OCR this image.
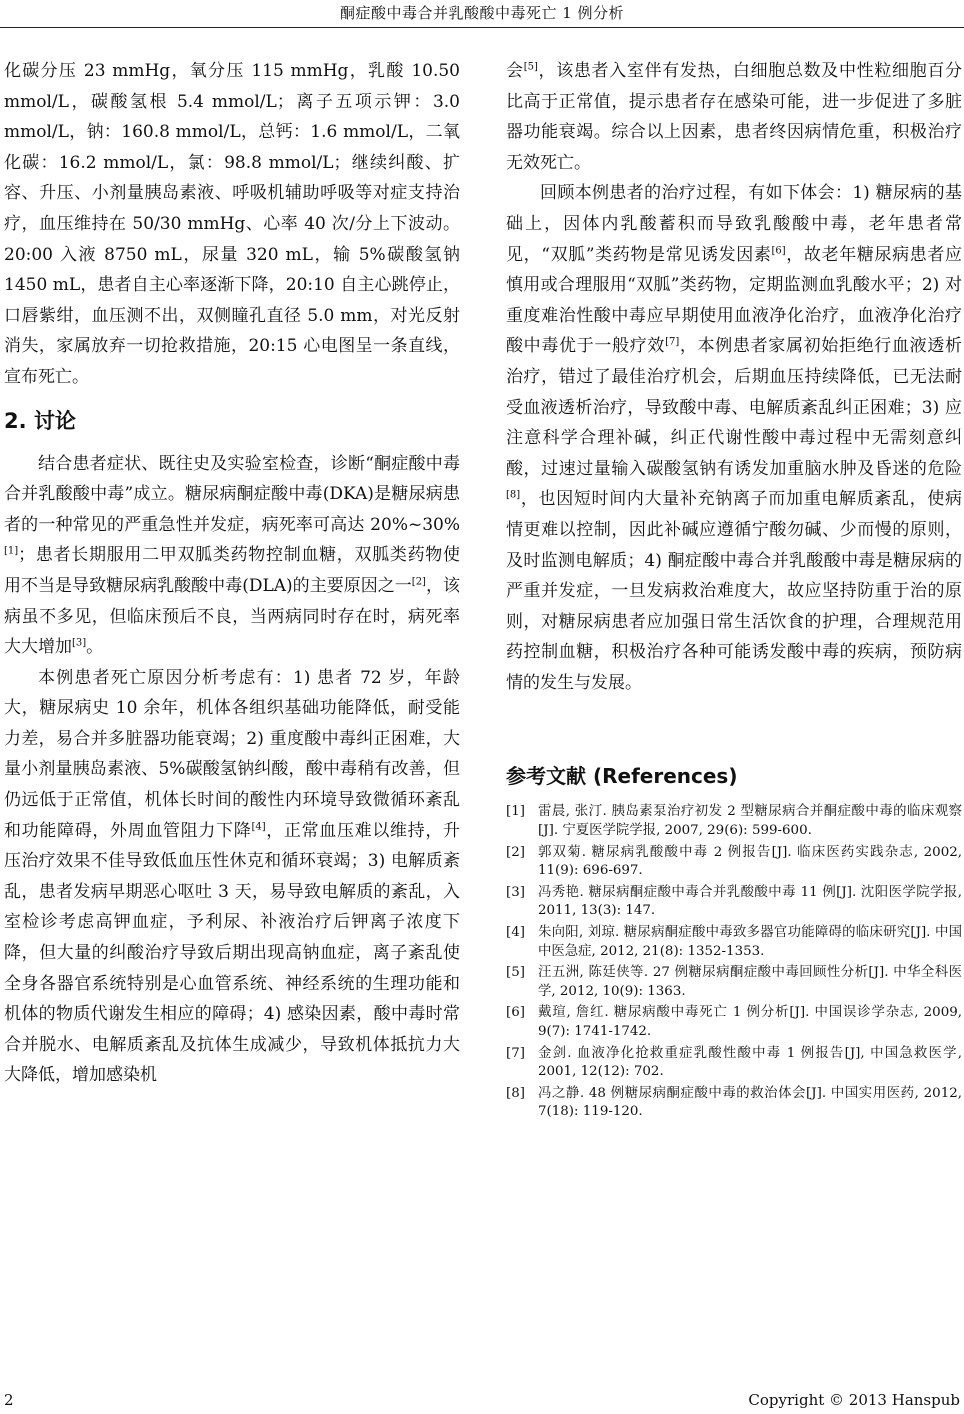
酮症酸中毒合并乳酸酸中毒死亡 1 例分析

化碳分压 23 mmHg，氧分压 115 mmHg，乳酸 10.50 mmol/L，碳酸氢根 5.4 mmol/L；离子五项示钾：3.0 mmol/L，钠：160.8 mmol/L，总钙：1.6 mmol/L，二氧化碳：16.2 mmol/L，氯：98.8 mmol/L；继续纠酸、扩容、升压、小剂量胰岛素液、呼吸机辅助呼吸等对症支持治疗，血压维持在 50/30 mmHg、心率 40 次/分上下波动。20:00 入液 8750 mL，尿量 320 mL，输 5%碳酸氢钠 1450 mL，患者自主心率逐渐下降，20:10 自主心跳停止，口唇紫绀，血压测不出，双侧瞳孔直径 5.0 mm，对光反射消失，家属放弃一切抢救措施，20:15 心电图呈一条直线，宣布死亡。

2. 讨论

结合患者症状、既往史及实验室检查，诊断“酮症酸中毒合并乳酸酸中毒”成立。糖尿病酮症酸中毒(DKA)是糖尿病患者的一种常见的严重急性并发症，病死率可高达 20%~30%[1]；患者长期服用二甲双胍类药物控制血糖，双胍类药物使用不当是导致糖尿病乳酸酸中毒(DLA)的主要原因之一[2]，该病虽不多见，但临床预后不良，当两病同时存在时，病死率大大增加[3]。

本例患者死亡原因分析考虑有：1) 患者 72 岁，年龄大，糖尿病史 10 余年，机体各组织基础功能降低，耐受能力差，易合并多脏器功能衰竭；2) 重度酸中毒纠正困难，大量小剂量胰岛素液、5%碳酸氢钠纠酸，酸中毒稍有改善，但仍远低于正常值，机体长时间的酸性内环境导致微循环紊乱和功能障碍，外周血管阻力下降[4]，正常血压难以维持，升压治疗效果不佳导致低血压性休克和循环衰竭；3) 电解质紊乱，患者发病早期恶心呕吐 3 天，易导致电解质的紊乱，入室检诊考虑高钾血症，予利尿、补液治疗后钾离子浓度下降，但大量的纠酸治疗导致后期出现高钠血症，离子紊乱使全身各器官系统特别是心血管系统、神经系统的生理功能和机体的物质代谢发生相应的障碍；4) 感染因素，酸中毒时常合并脱水、电解质紊乱及抗体生成减少，导致机体抵抗力大大降低，增加感染机

会[5]，该患者入室伴有发热，白细胞总数及中性粒细胞百分比高于正常值，提示患者存在感染可能，进一步促进了多脏器功能衰竭。综合以上因素，患者终因病情危重，积极治疗无效死亡。

回顾本例患者的治疗过程，有如下体会：1) 糖尿病的基础上，因体内乳酸蓄积而导致乳酸酸中毒，老年患者常见，“双胍”类药物是常见诱发因素[6]，故老年糖尿病患者应慎用或合理服用“双胍”类药物，定期监测血乳酸水平；2) 对重度难治性酸中毒应早期使用血液净化治疗，血液净化治疗酸中毒优于一般疗效[7]，本例患者家属初始拒绝行血液透析治疗，错过了最佳治疗机会，后期血压持续降低，已无法耐受血液透析治疗，导致酸中毒、电解质紊乱纠正困难；3) 应注意科学合理补碱，纠正代谢性酸中毒过程中无需刻意纠酸，过速过量输入碳酸氢钠有诱发加重脑水肿及昏迷的危险[8]，也因短时间内大量补充钠离子而加重电解质紊乱，使病情更难以控制，因此补碱应遵循宁酸勿碱、少而慢的原则，及时监测电解质；4) 酮症酸中毒合并乳酸酸中毒是糖尿病的严重并发症，一旦发病救治难度大，故应坚持防重于治的原则，对糖尿病患者应加强日常生活饮食的护理，合理规范用药控制血糖，积极治疗各种可能诱发酸中毒的疾病，预防病情的发生与发展。

参考文献 (References)
[1] 雷晨, 张汀. 胰岛素泵治疗初发 2 型糖尿病合并酮症酸中毒的临床观察[J]. 宁夏医学院学报, 2007, 29(6): 599-600.
[2] 郭双菊. 糖尿病乳酸酸中毒 2 例报告[J]. 临床医药实践杂志, 2002, 11(9): 696-697.
[3] 冯秀艳. 糖尿病酮症酸中毒合并乳酸酸中毒 11 例[J]. 沈阳医学院学报, 2011, 13(3): 147.
[4] 朱向阳, 刘琼. 糖尿病酮症酸中毒致多器官功能障碍的临床研究[J]. 中国中医急症, 2012, 21(8): 1352-1353.
[5] 汪五洲, 陈廷侠等. 27 例糖尿病酮症酸中毒回顾性分析[J]. 中华全科医学, 2012, 10(9): 1363.
[6] 戴瑄, 詹红. 糖尿病酸中毒死亡 1 例分析[J]. 中国误诊学杂志, 2009, 9(7): 1741-1742.
[7] 金剑. 血液净化抢救重症乳酸性酸中毒 1 例报告[J], 中国急救医学, 2001, 12(12): 702.
[8] 冯之静. 48 例糖尿病酮症酸中毒的救治体会[J]. 中国实用医药, 2012, 7(18): 119-120.
2	Copyright © 2013 Hanspub
